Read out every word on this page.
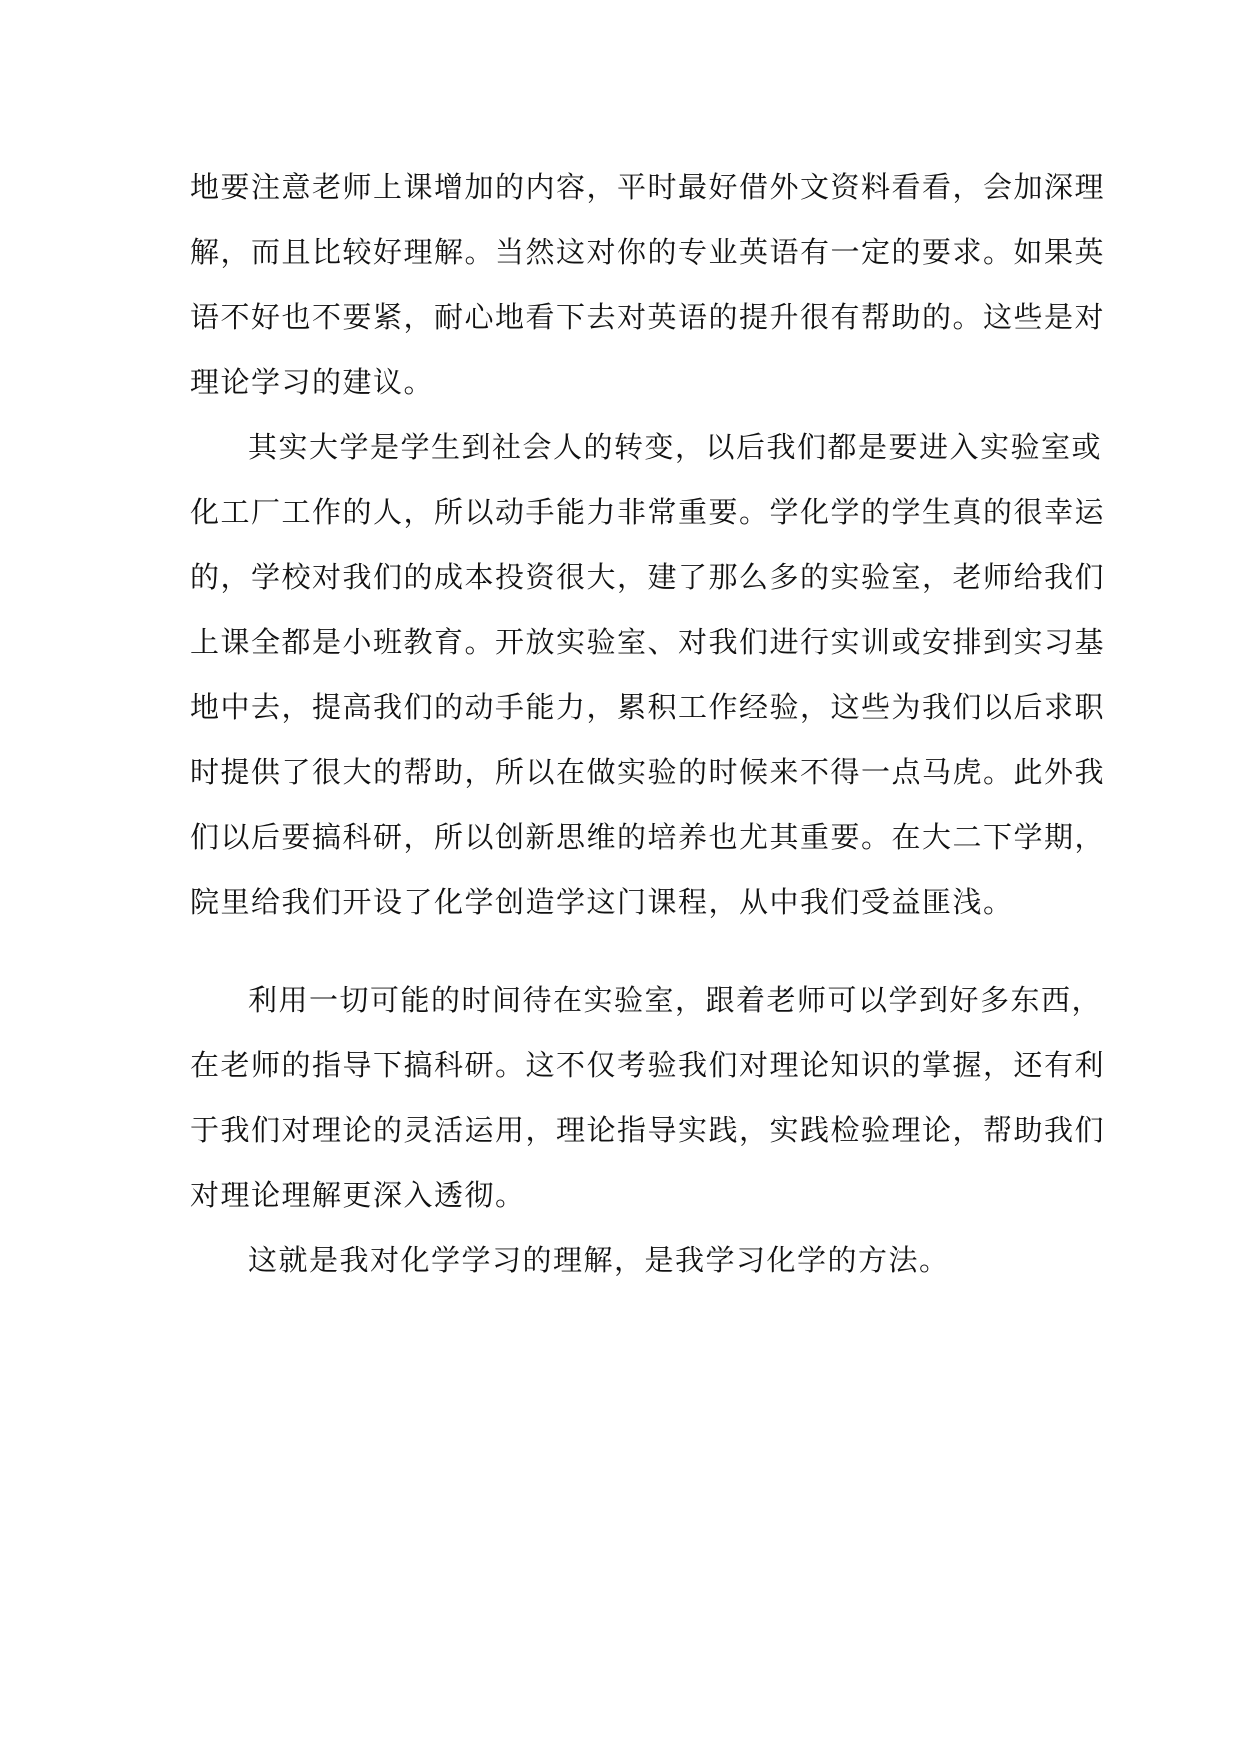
地要注意老师上课增加的内容，平时最好借外文资料看看，会加深理
解，而且比较好理解。当然这对你的专业英语有一定的要求。如果英
语不好也不要紧，耐心地看下去对英语的提升很有帮助的。这些是对
理论学习的建议。
其实大学是学生到社会人的转变，以后我们都是要进入实验室或
化工厂工作的人，所以动手能力非常重要。学化学的学生真的很幸运
的，学校对我们的成本投资很大，建了那么多的实验室，老师给我们
上课全都是小班教育。开放实验室、对我们进行实训或安排到实习基
地中去，提高我们的动手能力，累积工作经验，这些为我们以后求职
时提供了很大的帮助，所以在做实验的时候来不得一点马虎。此外我
们以后要搞科研，所以创新思维的培养也尤其重要。在大二下学期，
院里给我们开设了化学创造学这门课程，从中我们受益匪浅。
利用一切可能的时间待在实验室，跟着老师可以学到好多东西，
在老师的指导下搞科研。这不仅考验我们对理论知识的掌握，还有利
于我们对理论的灵活运用，理论指导实践，实践检验理论，帮助我们
对理论理解更深入透彻。
这就是我对化学学习的理解，是我学习化学的方法。
